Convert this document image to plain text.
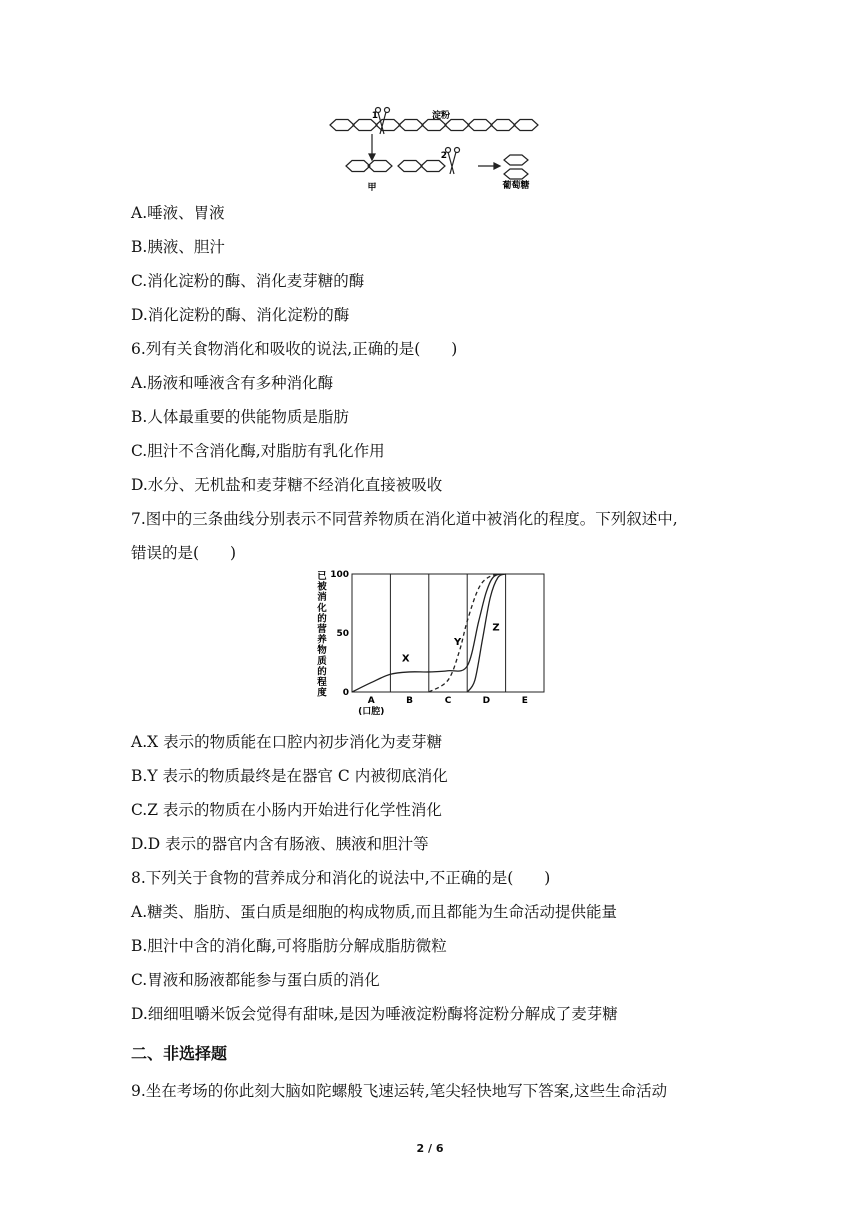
1	淀粉
2
甲	葡萄糖
A.唾液、胃液
B.胰液、胆汁
C.消化淀粉的酶、消化麦芽糖的酶
D.消化淀粉的酶、消化淀粉的酶
6.列有关食物消化和吸收的说法,正确的是(　　)
A.肠液和唾液含有多种消化酶
B.人体最重要的供能物质是脂肪
C.胆汁不含消化酶,对脂肪有乳化作用
D.水分、无机盐和麦芽糖不经消化直接被吸收
7.图中的三条曲线分别表示不同营养物质在消化道中被消化的程度。下列叙述中,
错误的是(　　)
已
被
消
化
的
营
养
物
质
的
程
度 0
50
100
A	B	C	D	E
(口腔)
X
Y
Z
A.X 表示的物质能在口腔内初步消化为麦芽糖
B.Y 表示的物质最终是在器官 C 内被彻底消化
C.Z 表示的物质在小肠内开始进行化学性消化
D.D 表示的器官内含有肠液、胰液和胆汁等
8.下列关于食物的营养成分和消化的说法中,不正确的是(　　)
A.糖类、脂肪、蛋白质是细胞的构成物质,而且都能为生命活动提供能量
B.胆汁中含的消化酶,可将脂肪分解成脂肪微粒
C.胃液和肠液都能参与蛋白质的消化
D.细细咀嚼米饭会觉得有甜味,是因为唾液淀粉酶将淀粉分解成了麦芽糖
二、非选择题
9.坐在考场的你此刻大脑如陀螺般飞速运转,笔尖轻快地写下答案,这些生命活动
2 / 6
